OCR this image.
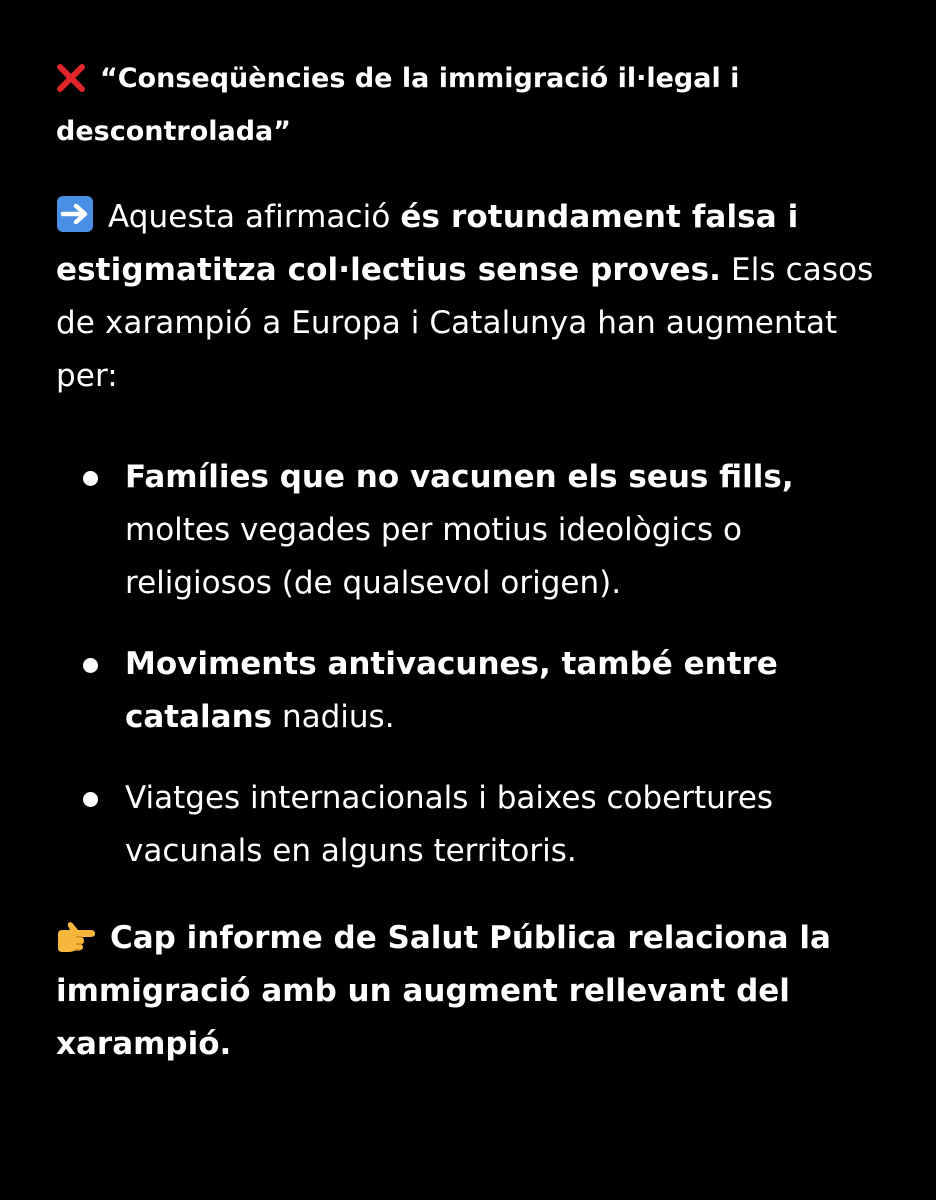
“Conseqüències de la immigració il·legal i descontrolada”

Aquesta afirmació és rotundament falsa i estigmatitza col·lectius sense proves. Els casos de xarampió a Europa i Catalunya han augmentat per:

Famílies que no vacunen els seus fills, moltes vegades per motius ideològics o religiosos (de qualsevol origen).
Moviments antivacunes, també entre catalans nadius.
Viatges internacionals i baixes cobertures vacunals en alguns territoris.

Cap informe de Salut Pública relaciona la immigració amb un augment rellevant del xarampió.
